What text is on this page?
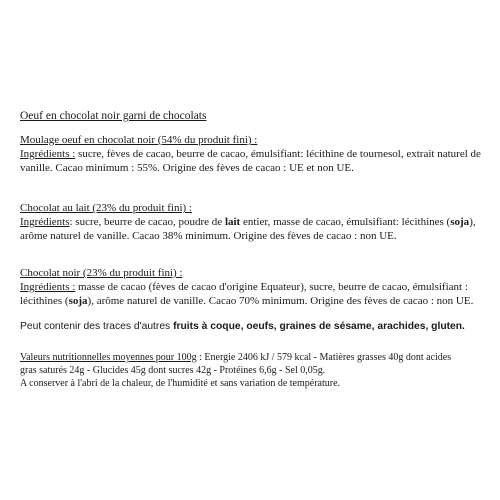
Oeuf en chocolat noir garni de chocolats
Moulage oeuf en chocolat noir (54% du produit fini) :
Ingrédients : sucre, fèves de cacao, beurre de cacao, émulsifiant: lécithine de tournesol, extrait naturel de vanille. Cacao minimum : 55%. Origine des fèves de cacao : UE et non UE.
Chocolat au lait (23% du produit fini) :
Ingrédients: sucre, beurre de cacao, poudre de lait entier, masse de cacao, émulsifiant: lécithines (soja), arôme naturel de vanille. Cacao 38% minimum. Origine des fèves de cacao : non UE.
Chocolat noir (23% du produit fini) :
Ingrédients : masse de cacao (fèves de cacao d'origine Equateur), sucre, beurre de cacao, émulsifiant : lécithines (soja), arôme naturel de vanille. Cacao 70% minimum. Origine des fèves de cacao : non UE.
Peut contenir des traces d'autres fruits à coque, oeufs, graines de sésame, arachides, gluten.
Valeurs nutritionnelles moyennes pour 100g : Energie 2406 kJ / 579 kcal - Matières grasses 40g dont acides gras saturés 24g - Glucides 45g dont sucres 42g - Protéines 6,6g - Sel 0,05g.
A conserver à l'abri de la chaleur, de l'humidité et sans variation de température.
